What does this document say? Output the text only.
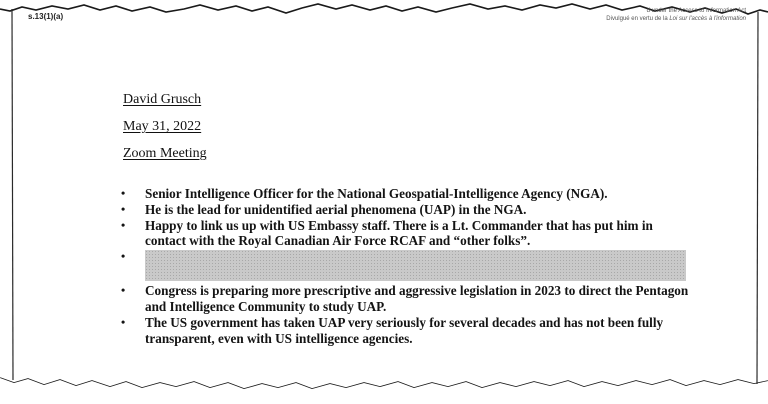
s.13(1)(a)
d under the Access to Information Act
Divulgué en vertu de la Loi sur l'accès à l'information
David Grusch
May 31, 2022
Zoom Meeting
• Senior Intelligence Officer for the National Geospatial-Intelligence Agency (NGA).
• He is the lead for unidentified aerial phenomena (UAP) in the NGA.
• Happy to link us up with US Embassy staff. There is a Lt. Commander that has put him in contact with the Royal Canadian Air Force RCAF and “other folks”.
•
• Congress is preparing more prescriptive and aggressive legislation in 2023 to direct the Pentagon and Intelligence Community to study UAP.
• The US government has taken UAP very seriously for several decades and has not been fully transparent, even with US intelligence agencies.
